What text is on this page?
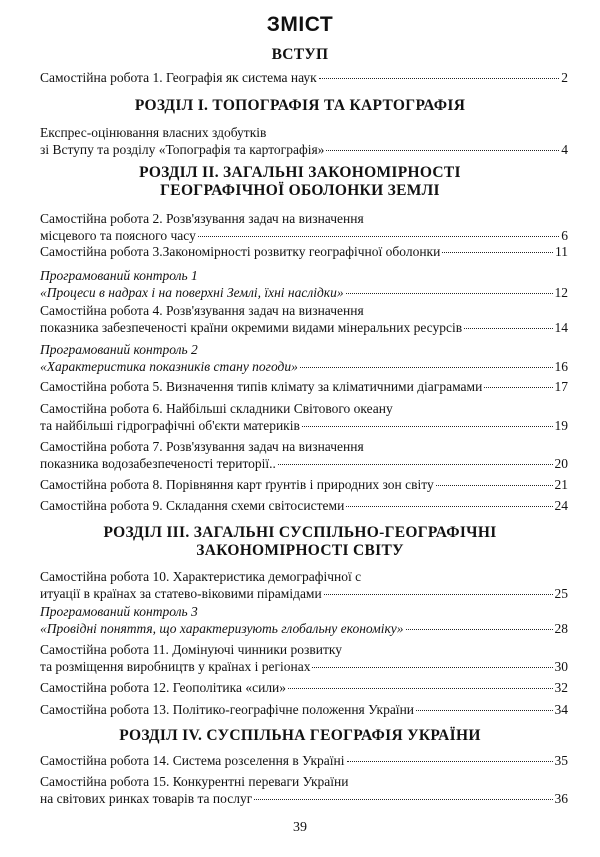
ЗМІСТ
ВСТУП
Самостійна робота 1. Географія як система наук	2
РОЗДІЛ І. ТОПОГРАФІЯ ТА КАРТОГРАФІЯ
Експрес-оцінювання власних здобутків
зі Вступу та розділу «Топографія та картографія»	4
РОЗДІЛ ІІ. ЗАГАЛЬНІ ЗАКОНОМІРНОСТІ
ГЕОГРАФІЧНОЇ ОБОЛОНКИ ЗЕМЛІ
Самостійна робота 2. Розв'язування задач на визначення
місцевого та поясного часу	6
Самостійна робота 3.Закономірності розвитку географічної оболонки	11
Програмований контроль 1
«Процеси в надрах і на поверхні Землі, їхні наслідки»	12
Самостійна робота 4. Розв'язування задач на визначення
показника забезпеченості країни окремими видами мінеральних ресурсів	14
Програмований контроль 2
«Характеристика показників стану погоди»	16
Самостійна робота 5. Визначення типів клімату за кліматичними діаграмами	17
Самостійна робота 6. Найбільші складники Світового океану
та найбільші гідрографічні об'єкти материків	19
Самостійна робота 7. Розв'язування задач на визначення
показника водозабезпеченості території..	20
Самостійна робота 8. Порівняння карт ґрунтів і природних зон світу	21
Самостійна робота 9. Складання схеми світосистеми	24
РОЗДІЛ ІІІ. ЗАГАЛЬНІ СУСПІЛЬНО-ГЕОГРАФІЧНІ
ЗАКОНОМІРНОСТІ СВІТУ
Самостійна робота 10. Характеристика демографічної с
итуації в країнах за статево-віковими пірамідами	25
Програмований контроль 3
«Провідні поняття, що характеризують глобальну економіку»	28
Самостійна робота 11. Домінуючі чинники розвитку
та розміщення виробництв у країнах і регіонах	30
Самостійна робота 12. Геополітика «сили»	32
Самостійна робота 13. Політико-географічне положення України	34
РОЗДІЛ IV. СУСПІЛЬНА ГЕОГРАФІЯ УКРАЇНИ
Самостійна робота 14. Система розселення в Україні	35
Самостійна робота 15. Конкурентні переваги України
на світових ринках товарів та послуг	36
39
